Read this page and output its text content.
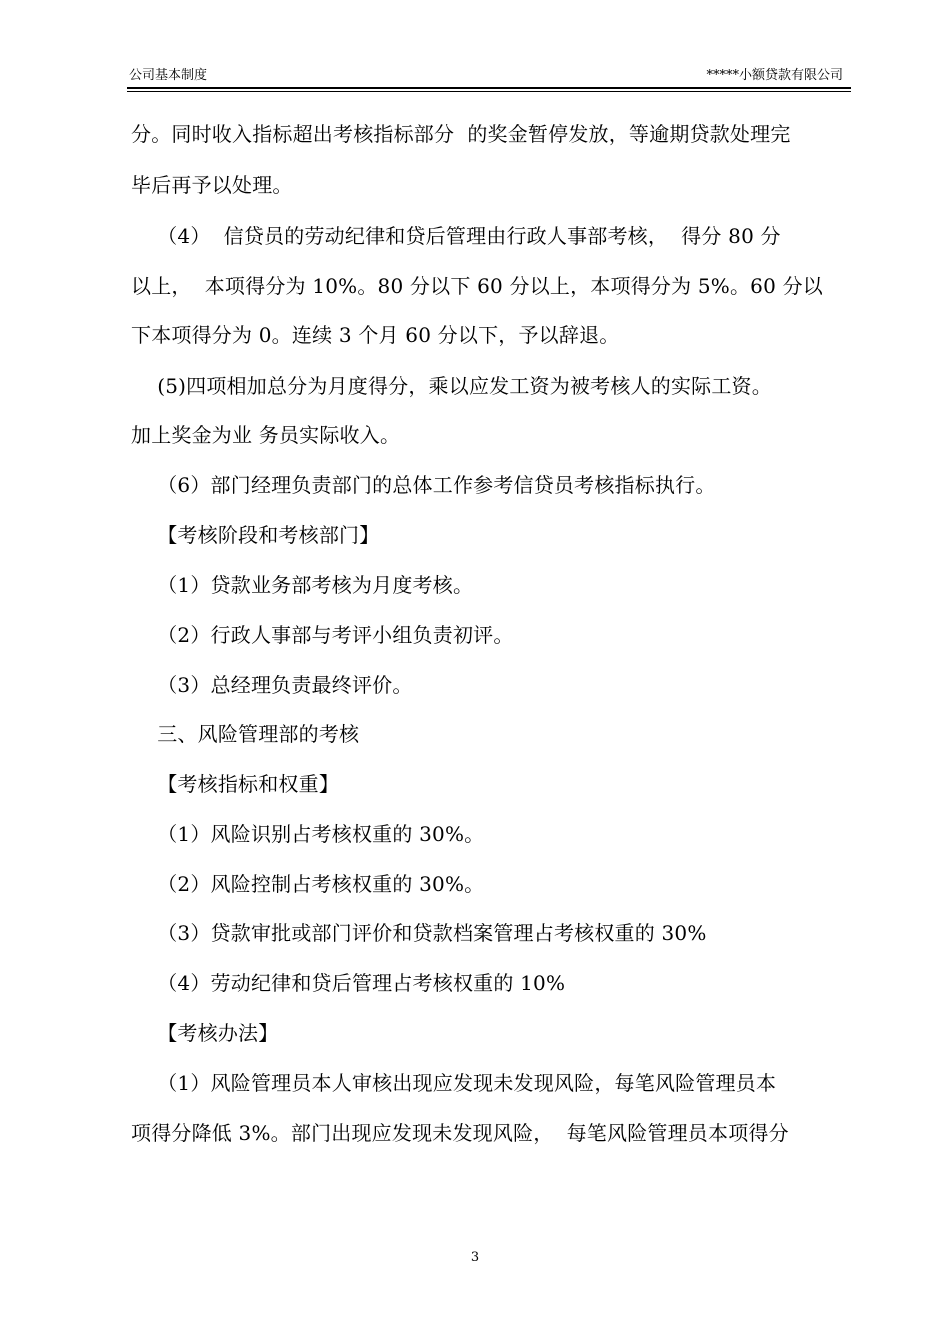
公司基本制度	*****小额贷款有限公司
分。同时收入指标超出考核指标部分  的奖金暂停发放，等逾期贷款处理完
毕后再予以处理。
（4）  信贷员的劳动纪律和贷后管理由行政人事部考核，  得分 80 分
以上，  本项得分为 10%。80 分以下 60 分以上，本项得分为 5%。60 分以
下本项得分为 0。连续 3 个月 60 分以下，予以辞退。
(5)四项相加总分为月度得分，乘以应发工资为被考核人的实际工资。
加上奖金为业 务员实际收入。
（6）部门经理负责部门的总体工作参考信贷员考核指标执行。
【考核阶段和考核部门】
（1）贷款业务部考核为月度考核。
（2）行政人事部与考评小组负责初评。
（3）总经理负责最终评价。
三、风险管理部的考核
【考核指标和权重】
（1）风险识别占考核权重的 30%。
（2）风险控制占考核权重的 30%。
（3）贷款审批或部门评价和贷款档案管理占考核权重的 30%
（4）劳动纪律和贷后管理占考核权重的 10%
【考核办法】
（1）风险管理员本人审核出现应发现未发现风险，每笔风险管理员本
项得分降低 3%。部门出现应发现未发现风险，  每笔风险管理员本项得分
3
